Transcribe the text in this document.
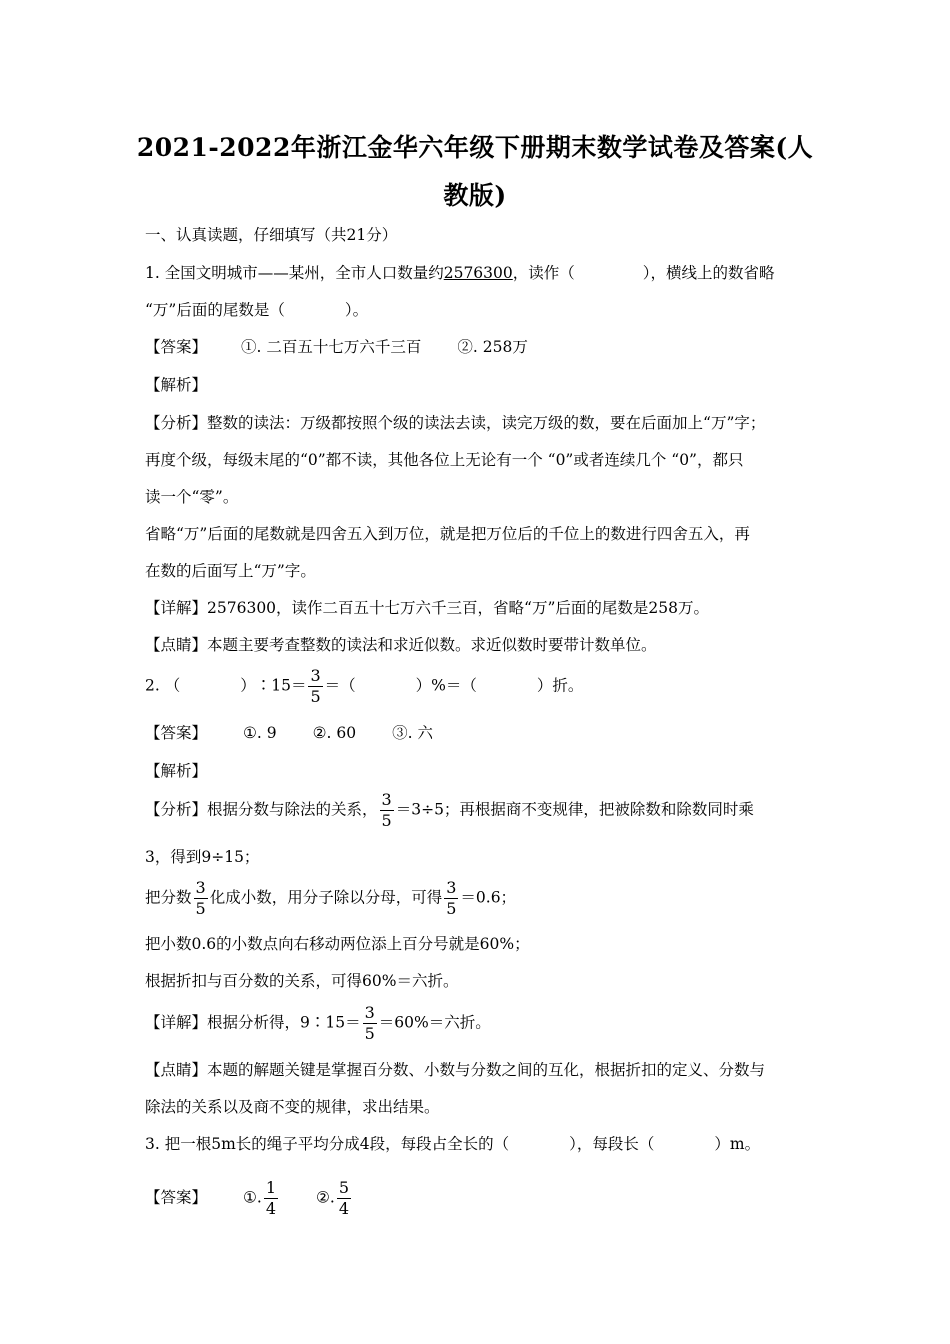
2021-2022年浙江金华六年级下册期末数学试卷及答案(人
教版)
一、认真读题，仔细填写（共21分）
1. 全国文明城市——某州，全市人口数量约2576300，读作（	），横线上的数省略
“万”后面的尾数是（	）。
【答案】 ①. 二百五十七万六千三百 ②. 258万
【解析】
【分析】整数的读法：万级都按照个级的读法去读，读完万级的数，要在后面加上“万”字；
再度个级，每级末尾的“0”都不读，其他各位上无论有一个 “0”或者连续几个 “0”，都只
读一个“零”。
省略“万”后面的尾数就是四舍五入到万位，就是把万位后的千位上的数进行四舍五入，再
在数的后面写上“万”字。
【详解】2576300，读作二百五十七万六千三百，省略“万”后面的尾数是258万。
【点睛】本题主要考查整数的读法和求近似数。求近似数时要带计数单位。
2. （	）∶15＝ $\frac{3}{5}$ ＝（	）%＝（	）折。
【答案】 ①. 9 ②. 60 ③. 六
【解析】
【分析】根据分数与除法的关系， $\frac{3}{5} =3\div 5$；再根据商不变规律，把被除数和除数同时乘
3，得到9÷15；
把分数 $\frac{3}{5}$ 化成小数，用分子除以分母，可得 $\frac{3}{5} =0.6$；
把小数0.6的小数点向右移动两位添上百分号就是60%；
根据折扣与百分数的关系，可得60%＝六折。
【详解】根据分析得，9∶15＝ $\frac{3}{5} =60\%=$六折。
【点睛】本题的解题关键是掌握百分数、小数与分数之间的互化，根据折扣的定义、分数与
除法的关系以及商不变的规律，求出结果。
3. 把一根5m长的绳子平均分成4段，每段占全长的（	），每段长（	）m。
【答案】 ①. $\frac{1}{4}$ ②. $\frac{5}{4}$
